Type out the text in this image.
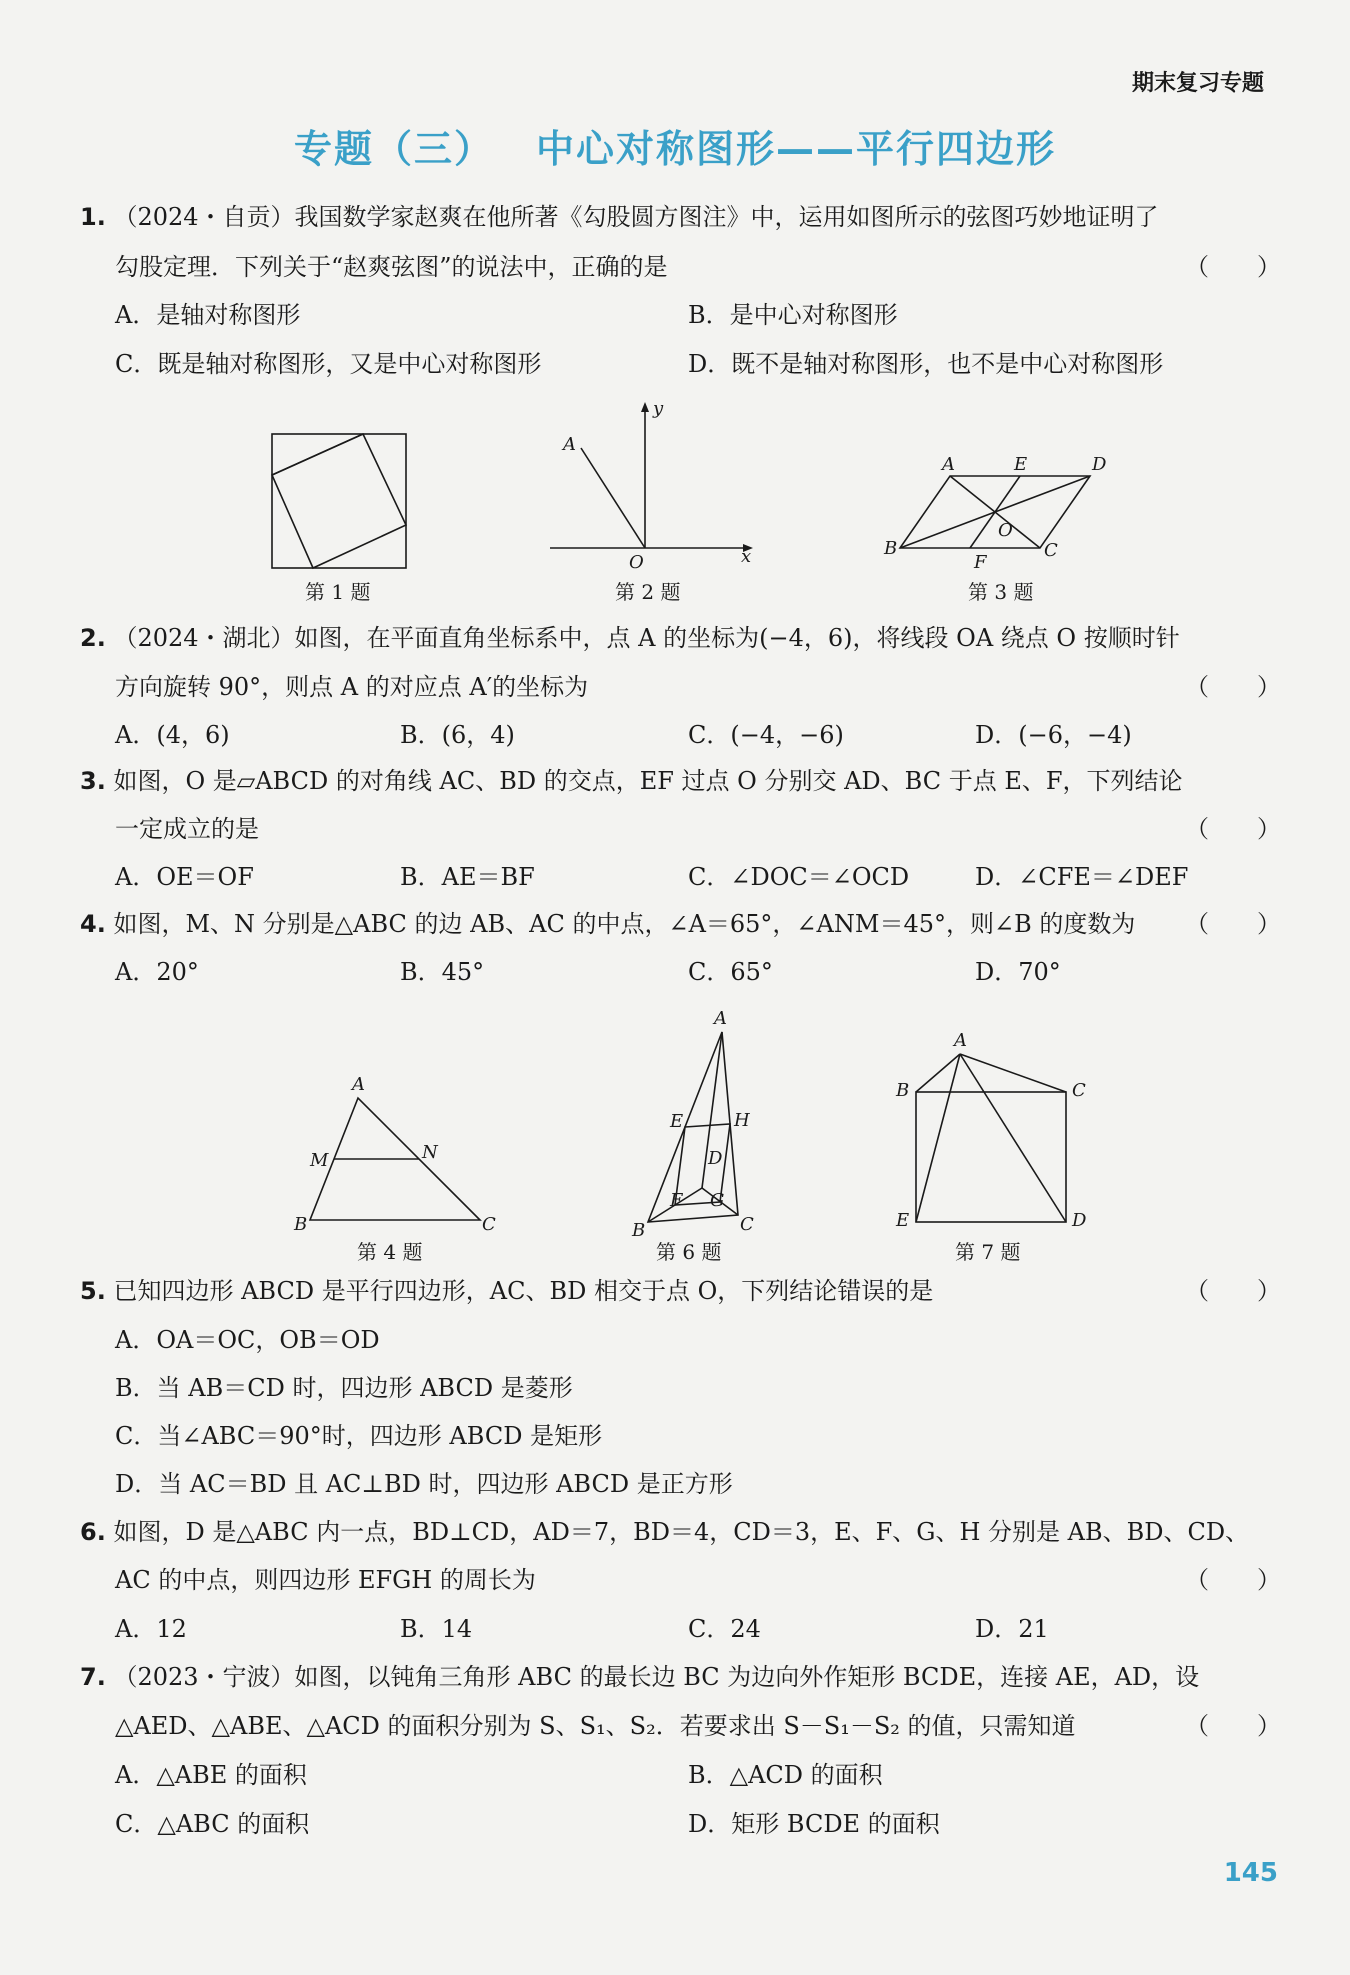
期末复习专题
专题（三） 中心对称图形——平行四边形
1. （2024・自贡）我国数学家赵爽在他所著《勾股圆方图注》中，运用如图所示的弦图巧妙地证明了
勾股定理．下列关于“赵爽弦图”的说法中，正确的是	（　　）
A．是轴对称图形	B．是中心对称图形
C．既是轴对称图形，又是中心对称图形	D．既不是轴对称图形，也不是中心对称图形
第 1 题
A
y
O	x
第 2 题
A	E	D
O
B
F
C
第 3 题
2. （2024・湖北）如图，在平面直角坐标系中，点 A 的坐标为(−4，6)，将线段 OA 绕点 O 按顺时针
方向旋转 90°，则点 A 的对应点 A′的坐标为	（　　）
A．(4，6)	B．(6，4)	C．(−4，−6)	D．(−6，−4)
3. 如图，O 是▱ABCD 的对角线 AC、BD 的交点，EF 过点 O 分别交 AD、BC 于点 E、F，下列结论
一定成立的是	（　　）
A．OE＝OF	B．AE＝BF	C．∠DOC＝∠OCD	D．∠CFE＝∠DEF
4. 如图，M、N 分别是△ABC 的边 AB、AC 的中点，∠A＝65°，∠ANM＝45°，则∠B 的度数为 （　　）
A．20°	B．45°	C．65°	D．70°
A
M	N
B	C
第 4 题
A
E	H
D
F G
B	C
第 6 题
A
B	C
E	D
第 7 题
5. 已知四边形 ABCD 是平行四边形，AC、BD 相交于点 O，下列结论错误的是	（　　）
A．OA＝OC，OB＝OD
B．当 AB＝CD 时，四边形 ABCD 是菱形
C．当∠ABC＝90°时，四边形 ABCD 是矩形
D．当 AC＝BD 且 AC⊥BD 时，四边形 ABCD 是正方形
6. 如图，D 是△ABC 内一点，BD⊥CD，AD＝7，BD＝4，CD＝3，E、F、G、H 分别是 AB、BD、CD、
AC 的中点，则四边形 EFGH 的周长为	（　　）
A．12	B．14	C．24	D．21
7. （2023・宁波）如图，以钝角三角形 ABC 的最长边 BC 为边向外作矩形 BCDE，连接 AE，AD，设
△AED、△ABE、△ACD 的面积分别为 S、S₁、S₂．若要求出 S－S₁－S₂ 的值，只需知道	（　　）
A．△ABE 的面积	B．△ACD 的面积
C．△ABC 的面积	D．矩形 BCDE 的面积
145
